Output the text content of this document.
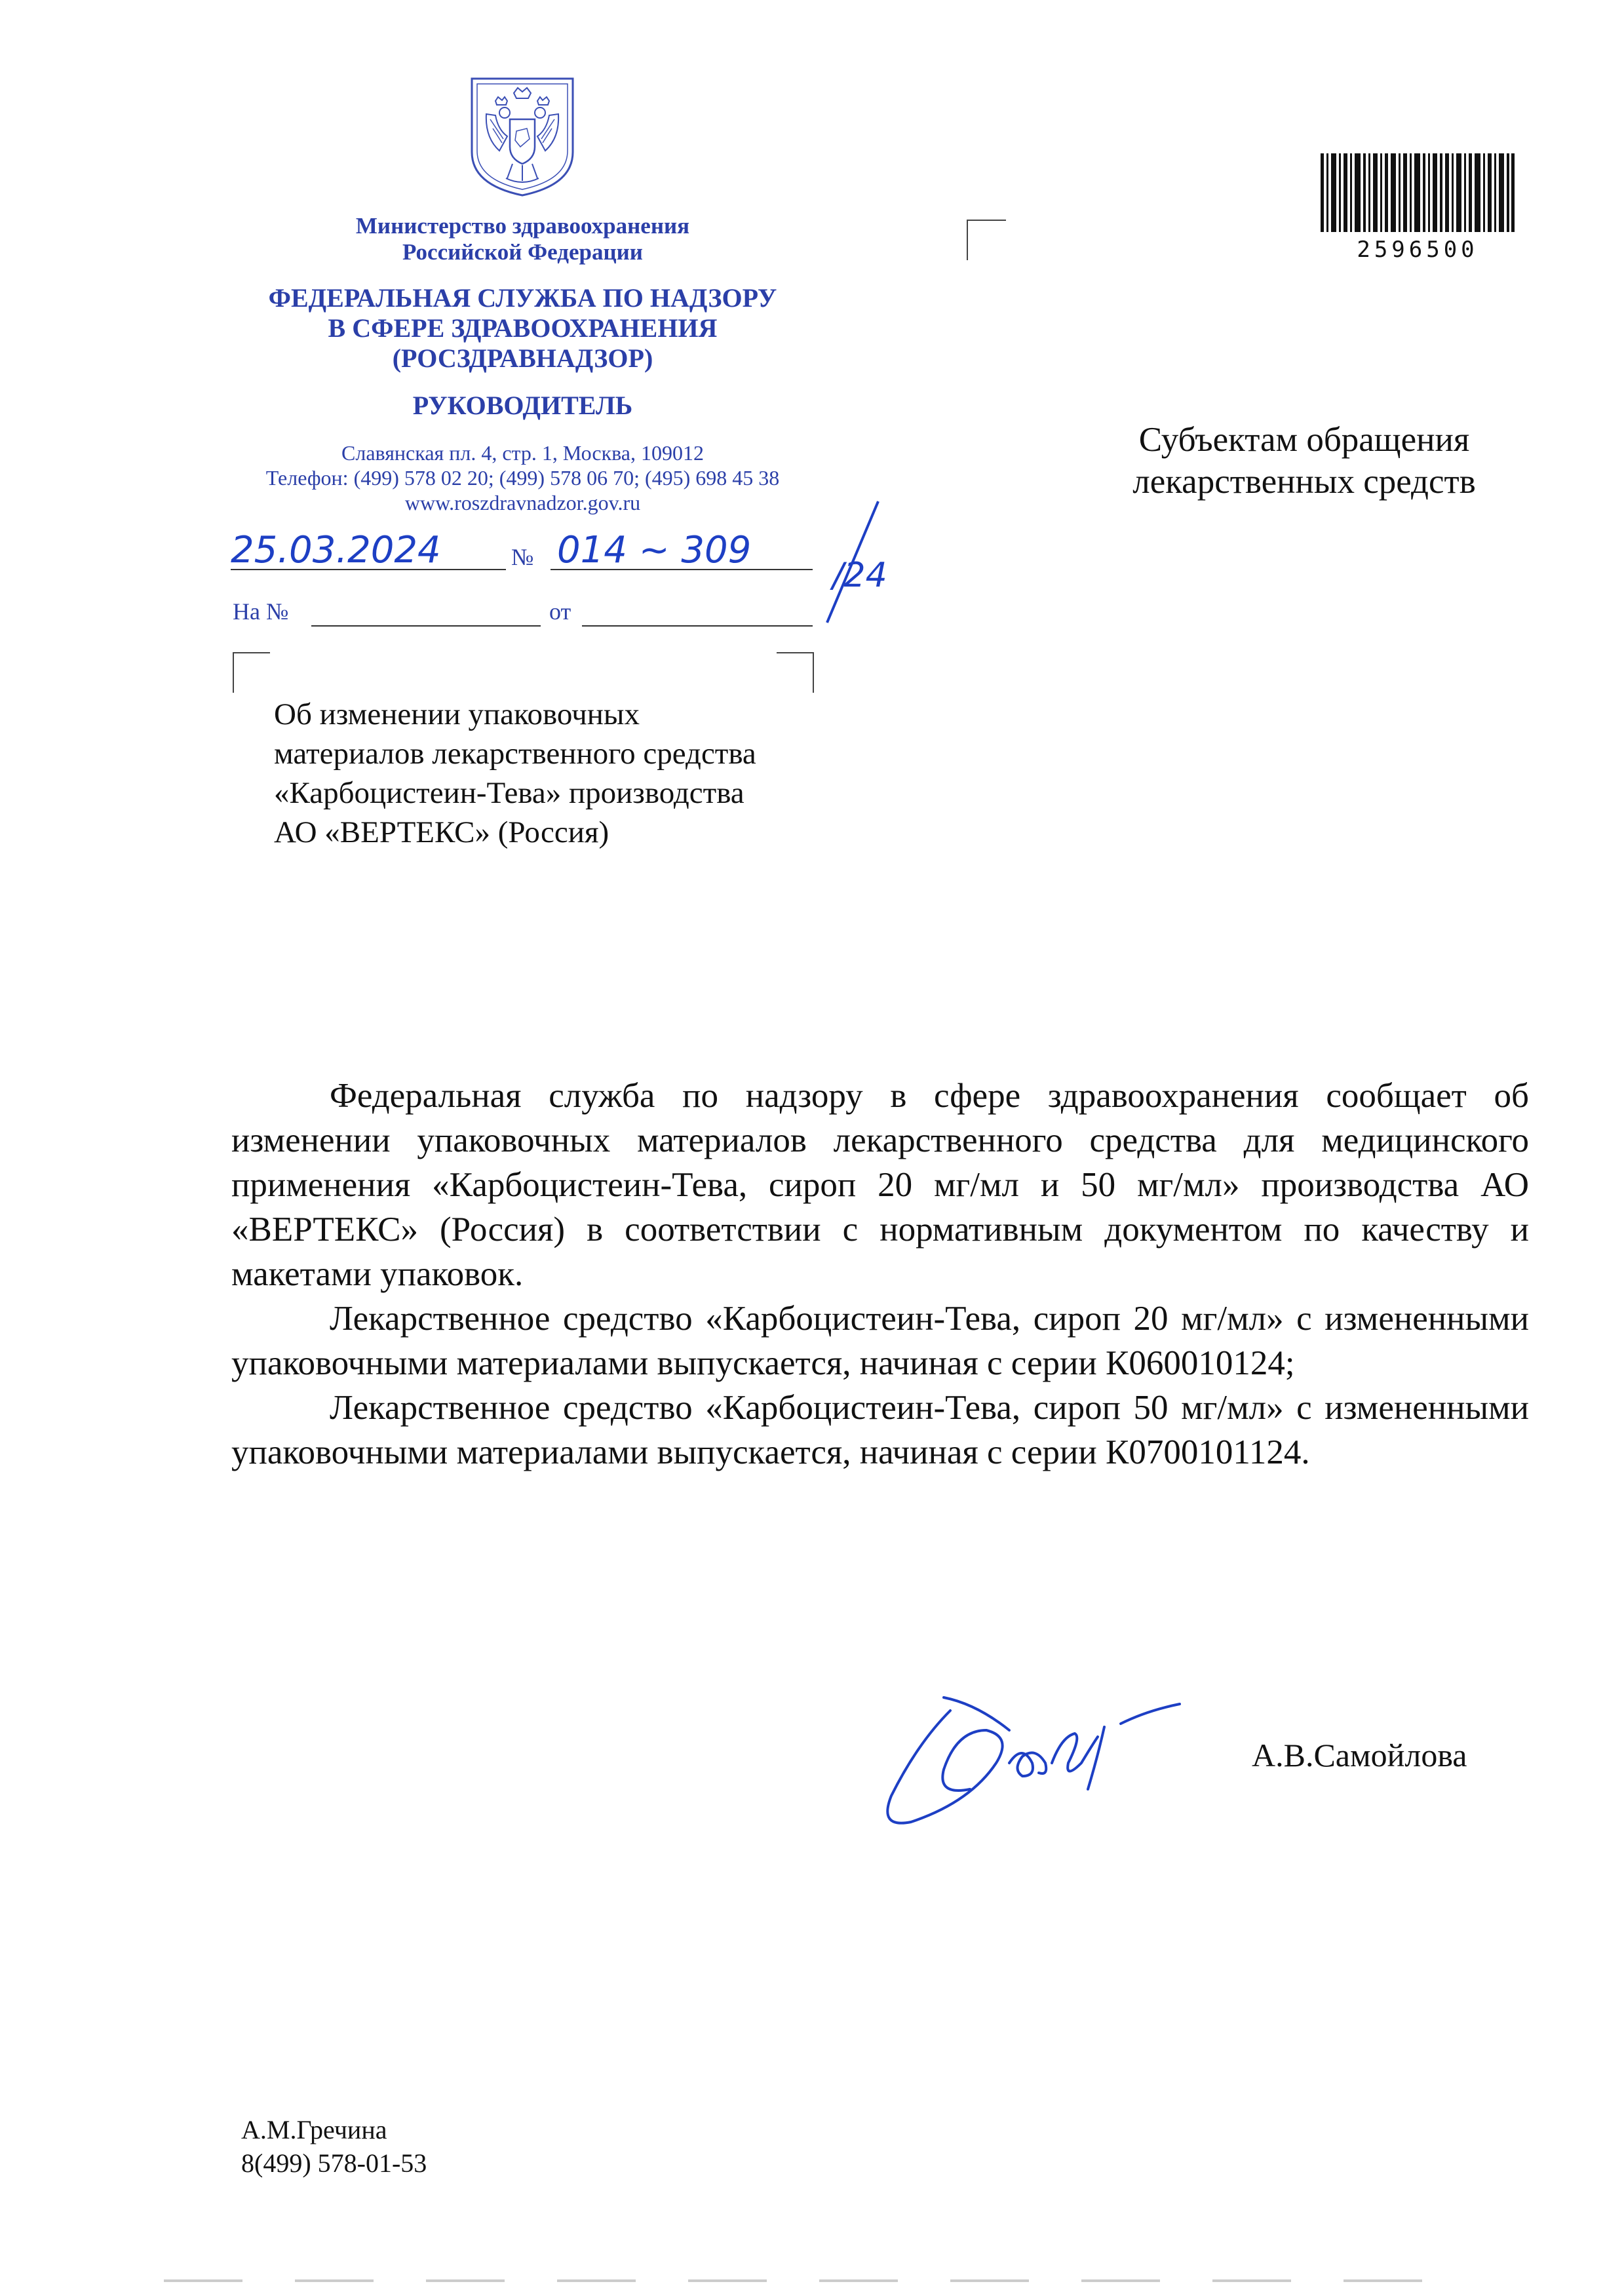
Министерство здравоохранения
Российской Федерации
ФЕДЕРАЛЬНАЯ СЛУЖБА ПО НАДЗОРУ
В СФЕРЕ ЗДРАВООХРАНЕНИЯ
(РОСЗДРАВНАДЗОР)
РУКОВОДИТЕЛЬ
Славянская пл. 4, стр. 1, Москва, 109012
Телефон: (499) 578 02 20; (499) 578 06 70; (495) 698 45 38
www.roszdravnadzor.gov.ru
25.03.2024	№ 014 ~ 309
/24
На №	от
2596500
Субъектам обращения
лекарственных средств
Об изменении упаковочных
материалов лекарственного средства
«Карбоцистеин-Тева» производства
АО «ВЕРТЕКС» (Россия)

Федеральная служба по надзору в сфере здравоохранения сообщает об изменении упаковочных материалов лекарственного средства для медицинского применения «Карбоцистеин-Тева, сироп 20 мг/мл и 50 мг/мл» производства АО «ВЕРТЕКС» (Россия) в соответствии с нормативным документом по качеству и макетами упаковок.

Лекарственное средство «Карбоцистеин-Тева, сироп 20 мг/мл» с измененными упаковочными материалами выпускается, начиная с серии К060010124;

Лекарственное средство «Карбоцистеин-Тева, сироп 50 мг/мл» с измененными упаковочными материалами выпускается, начиная с серии К0700101124.

А.В.Самойлова
А.М.Гречина
8(499) 578-01-53
